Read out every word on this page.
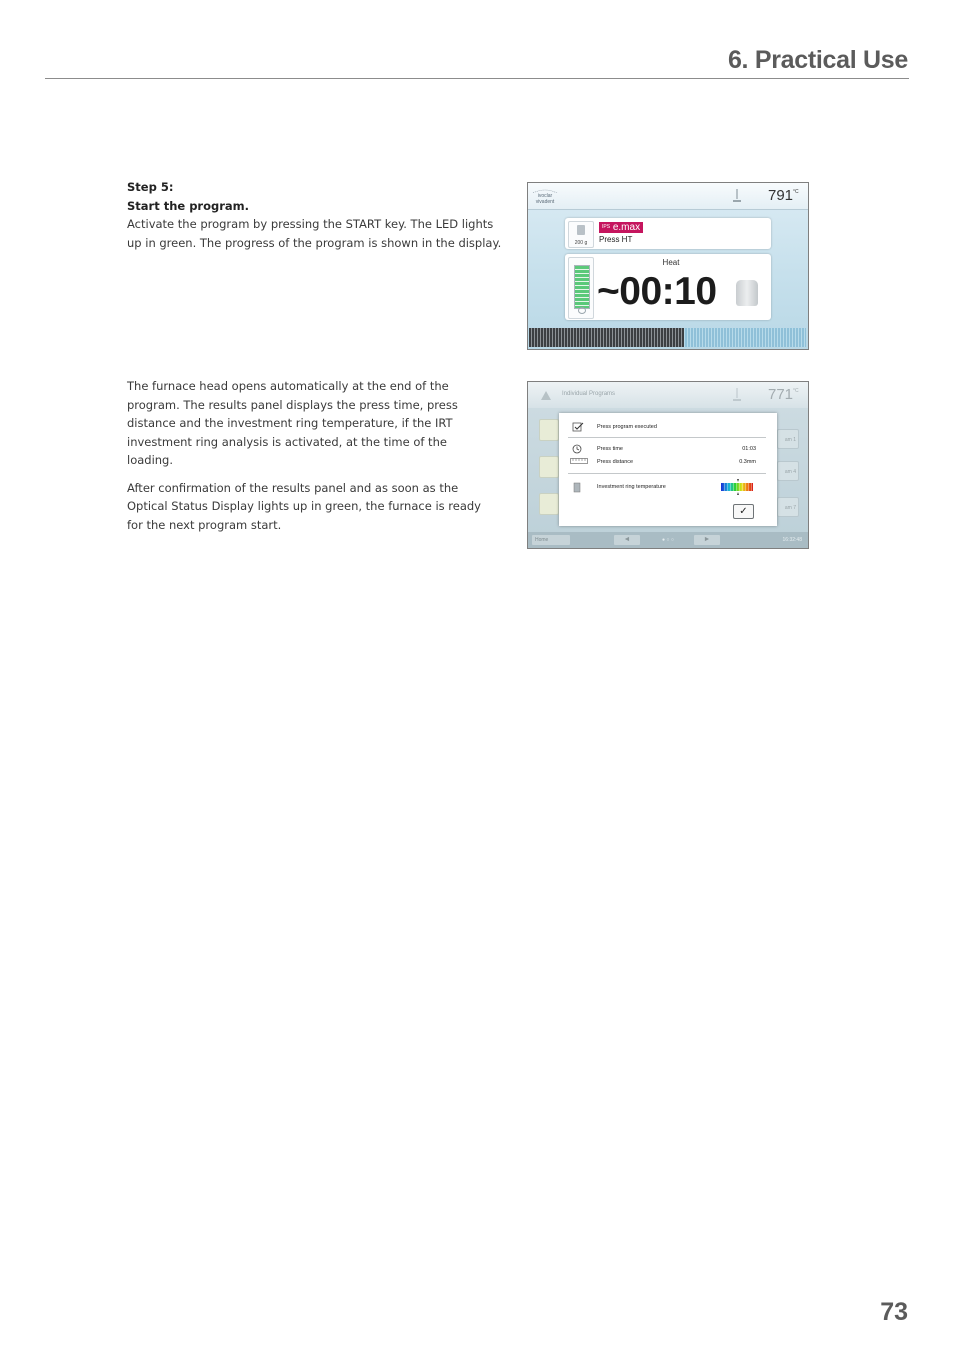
6. Practical Use

Step 5:

Start the program.

Activate the program by pressing the START key. The LED lights up in green. The progress of the program is shown in the display.

The furnace head opens automatically at the end of the program. The results panel displays the press time, press distance and the investment ring temperature, if the IRT investment ring analysis is activated, at the time of the loading.

After confirmation of the results panel and as soon as the Optical Status Display lights up in green, the furnace is ready for the next program start.

ivoclar
vivadent	$791^{^\circ C}$
200 g
$^{IPS}$ e.max
Press HT
Heat
~00:10
Individual Programs	$771^{^\circ C}$
am 1
am 4
am 7
Home	◄	● ○ ○	►	16:32:48
Press program executed
Press time	01:03
Press distance	0.3mm
Investment ring temperature
✓
73
